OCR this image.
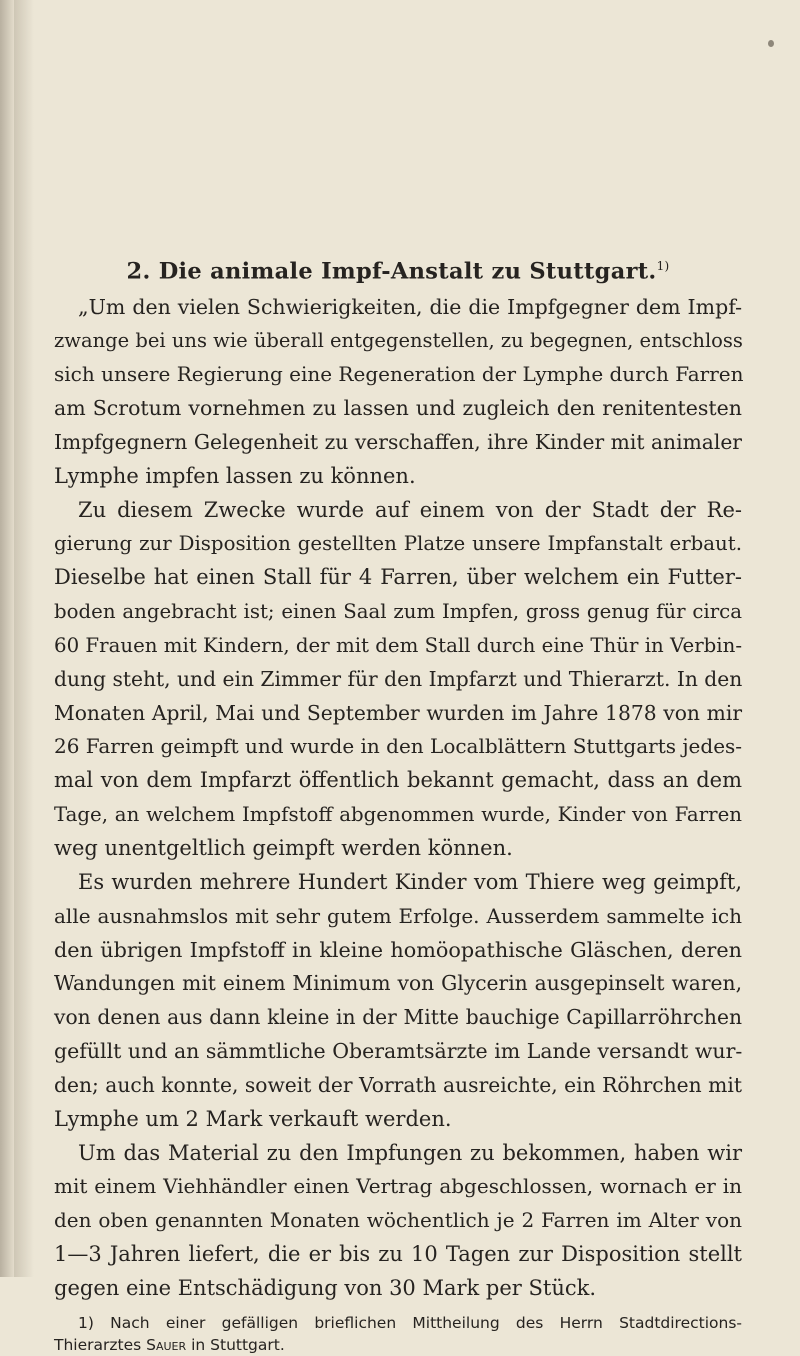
2. Die animale Impf-Anstalt zu Stuttgart.$^{1)}$
„Um den vielen Schwierigkeiten, die die Impfgegner dem Impf-
zwange bei uns wie überall entgegenstellen, zu begegnen, entschloss
sich unsere Regierung eine Regeneration der Lymphe durch Farren
am Scrotum vornehmen zu lassen und zugleich den renitentesten
Impfgegnern Gelegenheit zu verschaffen, ihre Kinder mit animaler
Lymphe impfen lassen zu können.
Zu diesem Zwecke wurde auf einem von der Stadt der Re-
gierung zur Disposition gestellten Platze unsere Impfanstalt erbaut.
Dieselbe hat einen Stall für 4 Farren, über welchem ein Futter-
boden angebracht ist; einen Saal zum Impfen, gross genug für circa
60 Frauen mit Kindern, der mit dem Stall durch eine Thür in Verbin-
dung steht, und ein Zimmer für den Impfarzt und Thierarzt. In den
Monaten April, Mai und September wurden im Jahre 1878 von mir
26 Farren geimpft und wurde in den Localblättern Stuttgarts jedes-
mal von dem Impfarzt öffentlich bekannt gemacht, dass an dem
Tage, an welchem Impfstoff abgenommen wurde, Kinder von Farren
weg unentgeltlich geimpft werden können.
Es wurden mehrere Hundert Kinder vom Thiere weg geimpft,
alle ausnahmslos mit sehr gutem Erfolge. Ausserdem sammelte ich
den übrigen Impfstoff in kleine homöopathische Gläschen, deren
Wandungen mit einem Minimum von Glycerin ausgepinselt waren,
von denen aus dann kleine in der Mitte bauchige Capillarröhrchen
gefüllt und an sämmtliche Oberamtsärzte im Lande versandt wur-
den; auch konnte, soweit der Vorrath ausreichte, ein Röhrchen mit
Lymphe um 2 Mark verkauft werden.
Um das Material zu den Impfungen zu bekommen, haben wir
mit einem Viehhändler einen Vertrag abgeschlossen, wornach er in
den oben genannten Monaten wöchentlich je 2 Farren im Alter von
1—3 Jahren liefert, die er bis zu 10 Tagen zur Disposition stellt
gegen eine Entschädigung von 30 Mark per Stück.
1) Nach einer gefälligen brieflichen Mittheilung des Herrn Stadtdirections-
Thierarztes Sauer in Stuttgart.
